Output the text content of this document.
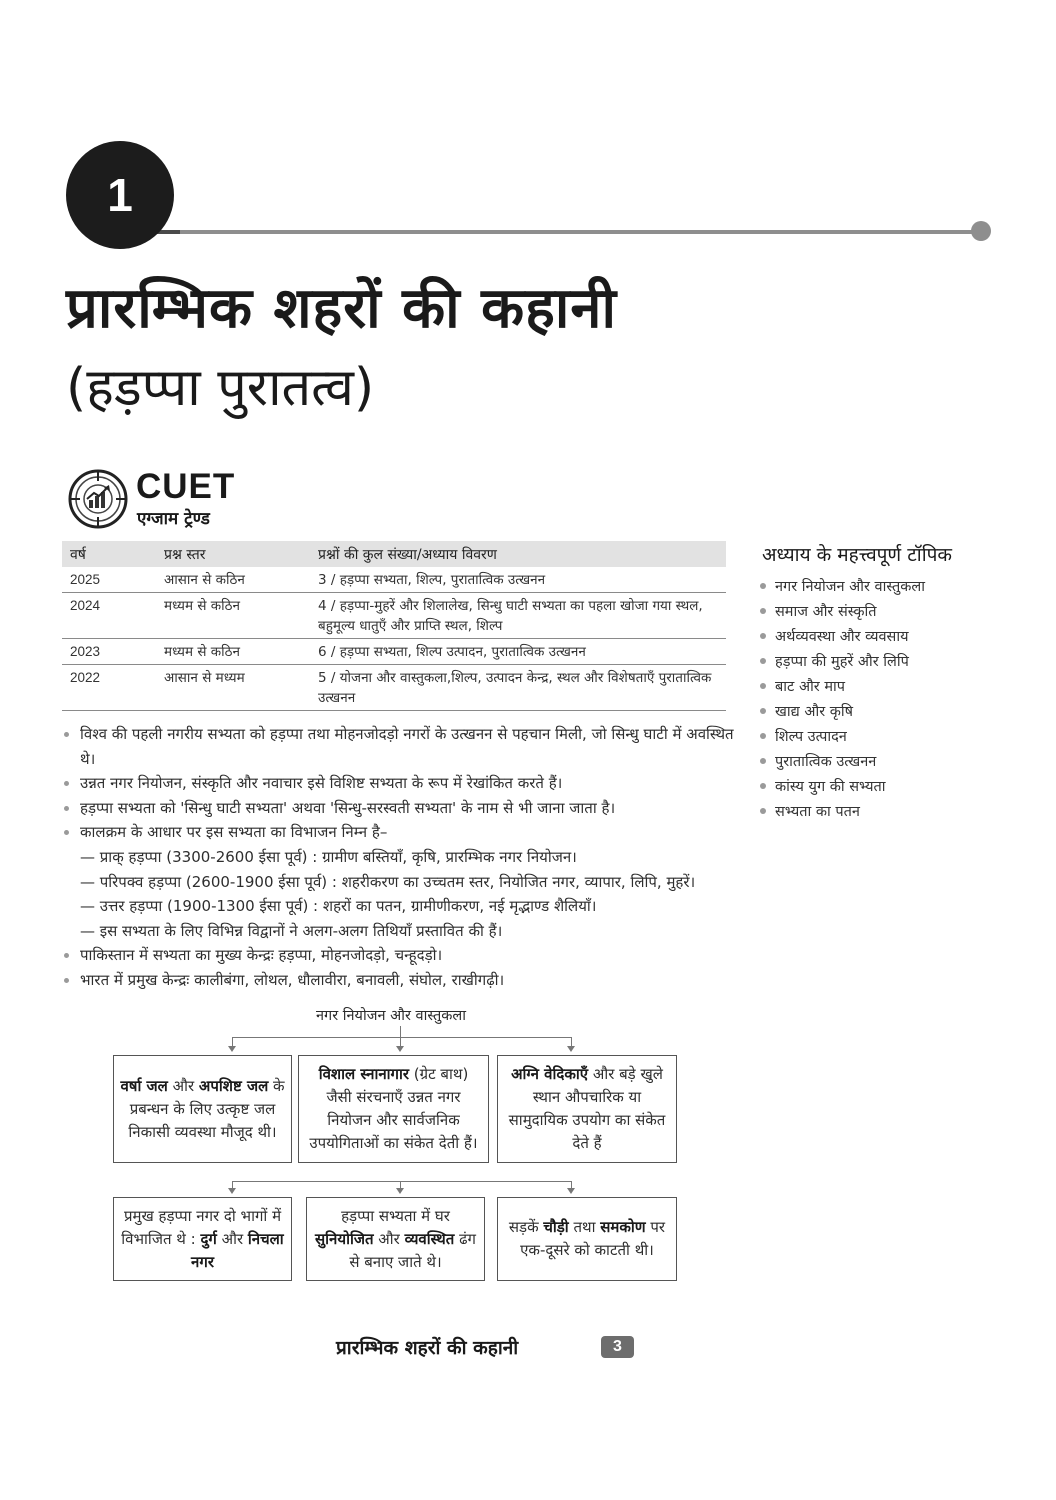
1
प्रारम्भिक शहरों की कहानी
(हड़प्पा पुरातत्व)
CUET
एग्जाम ट्रेण्ड
वर्ष	प्रश्न स्तर	प्रश्नों की कुल संख्या/अध्याय विवरण
2025	आसान से कठिन	3 / हड़प्पा सभ्यता, शिल्प, पुरातात्विक उत्खनन
2024	मध्यम से कठिन	4 / हड़प्पा-मुहरें और शिलालेख, सिन्धु घाटी सभ्यता का पहला खोजा गया स्थल, बहुमूल्य धातुएँ और प्राप्ति स्थल, शिल्प
2023	मध्यम से कठिन	6 / हड़प्पा सभ्यता, शिल्प उत्पादन, पुरातात्विक उत्खनन
2022	आसान से मध्यम	5 / योजना और वास्तुकला,शिल्प, उत्पादन केन्द्र, स्थल और विशेषताएँ पुरातात्विक उत्खनन
अध्याय के महत्त्वपूर्ण टॉपिक
नगर नियोजन और वास्तुकला
समाज और संस्कृति
अर्थव्यवस्था और व्यवसाय
हड़प्पा की मुहरें और लिपि
बाट और माप
खाद्य और कृषि
शिल्प उत्पादन
पुरातात्विक उत्खनन
कांस्य युग की सभ्यता
सभ्यता का पतन
विश्व की पहली नगरीय सभ्यता को हड़प्पा तथा मोहनजोदड़ो नगरों के उत्खनन से पहचान मिली, जो सिन्धु घाटी में अवस्थित थे।
उन्नत नगर नियोजन, संस्कृति और नवाचार इसे विशिष्ट सभ्यता के रूप में रेखांकित करते हैं।
हड़प्पा सभ्यता को 'सिन्धु घाटी सभ्यता' अथवा 'सिन्धु-सरस्वती सभ्यता' के नाम से भी जाना जाता है।
कालक्रम के आधार पर इस सभ्यता का विभाजन निम्न है–
— प्राक् हड़प्पा (3300-2600 ईसा पूर्व) : ग्रामीण बस्तियाँ, कृषि, प्रारम्भिक नगर नियोजन।
— परिपक्व हड़प्पा (2600-1900 ईसा पूर्व) : शहरीकरण का उच्चतम स्तर, नियोजित नगर, व्यापार, लिपि, मुहरें।
— उत्तर हड़प्पा (1900-1300 ईसा पूर्व) : शहरों का पतन, ग्रामीणीकरण, नई मृद्भाण्ड शैलियाँ।
— इस सभ्यता के लिए विभिन्न विद्वानों ने अलग-अलग तिथियाँ प्रस्तावित की हैं।
पाकिस्तान में सभ्यता का मुख्य केन्द्रः हड़प्पा, मोहनजोदड़ो, चन्हूदड़ो।
भारत में प्रमुख केन्द्रः कालीबंगा, लोथल, धौलावीरा, बनावली, संघोल, राखीगढ़ी।
नगर नियोजन और वास्तुकला
वर्षा जल और अपशिष्ट जल के प्रबन्धन के लिए उत्कृष्ट जल निकासी व्यवस्था मौजूद थी।
विशाल स्नानागार (ग्रेट बाथ) जैसी संरचनाएँ उन्नत नगर नियोजन और सार्वजनिक उपयोगिताओं का संकेत देती हैं।
अग्नि वेदिकाएँ और बड़े खुले स्थान औपचारिक या सामुदायिक उपयोग का संकेत देते हैं
प्रमुख हड़प्पा नगर दो भागों में विभाजित थे : दुर्ग और निचला नगर
हड़प्पा सभ्यता में घर सुनियोजित और व्यवस्थित ढंग से बनाए जाते थे।
सड़कें चौड़ी तथा समकोण पर एक-दूसरे को काटती थी।
प्रारम्भिक शहरों की कहानी	3
